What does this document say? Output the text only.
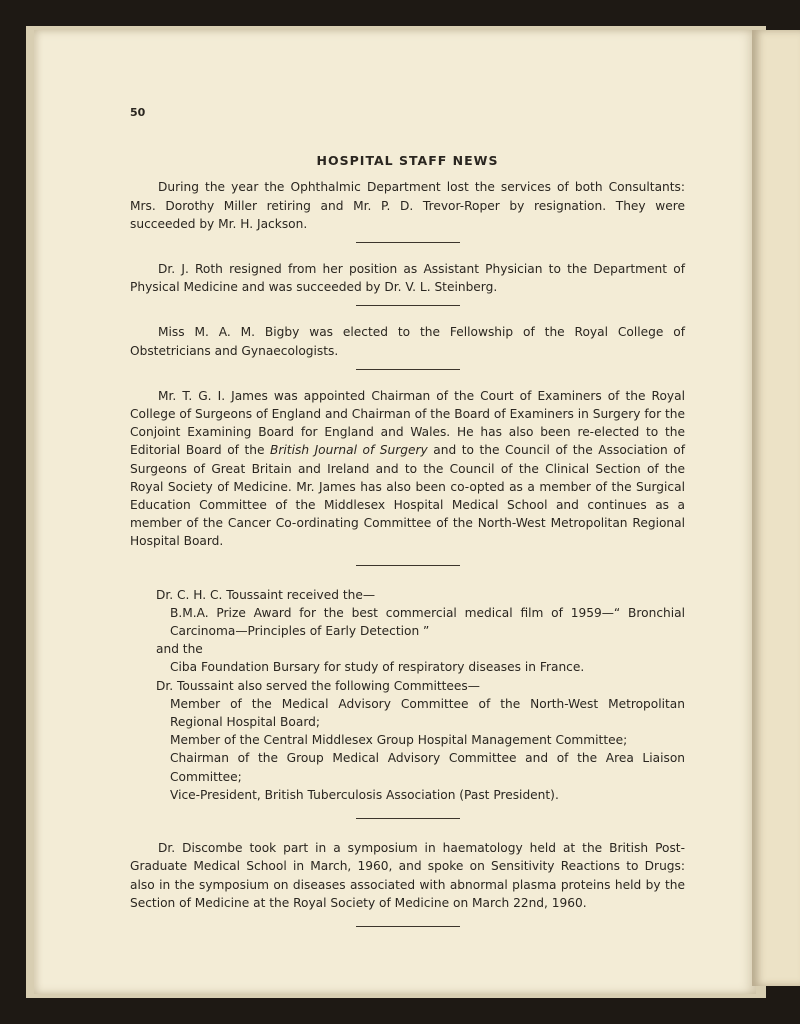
50
HOSPITAL STAFF NEWS

During the year the Ophthalmic Department lost the services of both Consultants: Mrs. Dorothy Miller retiring and Mr. P. D. Trevor-Roper by resignation. They were succeeded by Mr. H. Jackson.

Dr. J. Roth resigned from her position as Assistant Physician to the Department of Physical Medicine and was succeeded by Dr. V. L. Steinberg.

Miss M. A. M. Bigby was elected to the Fellowship of the Royal College of Obstetricians and Gynaecologists.

Mr. T. G. I. James was appointed Chairman of the Court of Examiners of the Royal College of Surgeons of England and Chairman of the Board of Examiners in Surgery for the Conjoint Examining Board for England and Wales. He has also been re-elected to the Editorial Board of the British Journal of Surgery and to the Council of the Association of Surgeons of Great Britain and Ireland and to the Council of the Clinical Section of the Royal Society of Medicine. Mr. James has also been co-opted as a member of the Surgical Education Committee of the Middlesex Hospital Medical School and continues as a member of the Cancer Co-ordinating Committee of the North-West Metropolitan Regional Hospital Board.

Dr. C. H. C. Toussaint received the—
B.M.A. Prize Award for the best commercial medical film of 1959—“ Bronchial Carcinoma—Principles of Early Detection ”
and the
Ciba Foundation Bursary for study of respiratory diseases in France.
Dr. Toussaint also served the following Committees—
Member of the Medical Advisory Committee of the North-West Metropolitan Regional Hospital Board;
Member of the Central Middlesex Group Hospital Management Committee;
Chairman of the Group Medical Advisory Committee and of the Area Liaison Committee;
Vice-President, British Tuberculosis Association (Past President).

Dr. Discombe took part in a symposium in haematology held at the British Post-Graduate Medical School in March, 1960, and spoke on Sensitivity Reactions to Drugs: also in the symposium on diseases associated with abnormal plasma proteins held by the Section of Medicine at the Royal Society of Medicine on March 22nd, 1960.
